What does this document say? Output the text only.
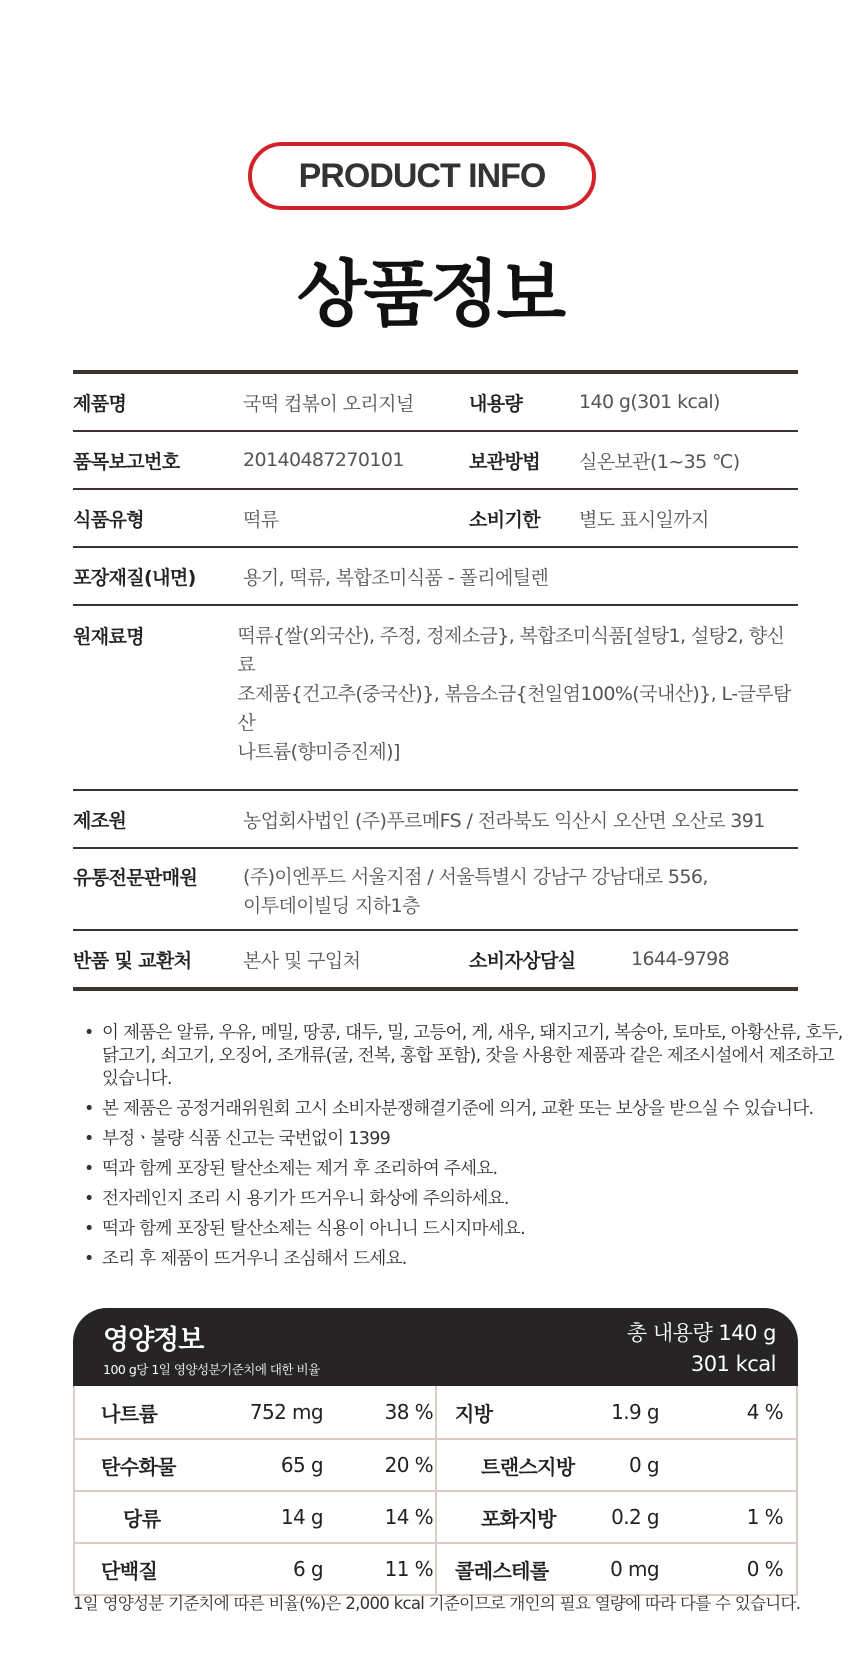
PRODUCT INFO
상품정보
제품명	국떡 컵볶이 오리지널	내용량	140 g(301 kcal)
품목보고번호	20140487270101	보관방법	실온보관(1~35 ℃)
식품유형	떡류	소비기한	별도 표시일까지
포장재질(내면)	용기, 떡류, 복합조미식품 - 폴리에틸렌
원재료명	떡류{쌀(외국산), 주정, 정제소금}, 복합조미식품[설탕1, 설탕2, 향신료
조제품{건고추(중국산)}, 볶음소금{천일염100%(국내산)}, L-글루탐산
나트륨(향미증진제)]
제조원	농업회사법인 (주)푸르메FS / 전라북도 익산시 오산면 오산로 391
유통전문판매원	(주)이엔푸드 서울지점 / 서울특별시 강남구 강남대로 556,
이투데이빌딩 지하1층
반품 및 교환처	본사 및 구입처	소비자상담실	1644-9798
• 이 제품은 알류, 우유, 메밀, 땅콩, 대두, 밀, 고등어, 게, 새우, 돼지고기, 복숭아, 토마토, 아황산류, 호두, 닭고기, 쇠고기, 오징어, 조개류(굴, 전복, 홍합 포함), 잣을 사용한 제품과 같은 제조시설에서 제조하고 있습니다.
• 본 제품은 공정거래위원회 고시 소비자분쟁해결기준에 의거, 교환 또는 보상을 받으실 수 있습니다.
• 부정ㆍ불량 식품 신고는 국번없이 1399
• 떡과 함께 포장된 탈산소제는 제거 후 조리하여 주세요.
• 전자레인지 조리 시 용기가 뜨거우니 화상에 주의하세요.
• 떡과 함께 포장된 탈산소제는 식용이 아니니 드시지마세요.
• 조리 후 제품이 뜨거우니 조심해서 드세요.
영양정보
100 g당 1일 영양성분기준치에 대한 비율
총 내용량 140 g
301 kcal
나트륨	752 mg	38 %	지방	1.9 g	4 %
탄수화물	65 g	20 %	트랜스지방	0 g
당류	14 g	14 %	포화지방	0.2 g	1 %
단백질	6 g	11 %	콜레스테롤	0 mg	0 %
1일 영양성분 기준치에 따른 비율(%)은 2,000 kcal 기준이므로 개인의 필요 열량에 따라 다를 수 있습니다.
